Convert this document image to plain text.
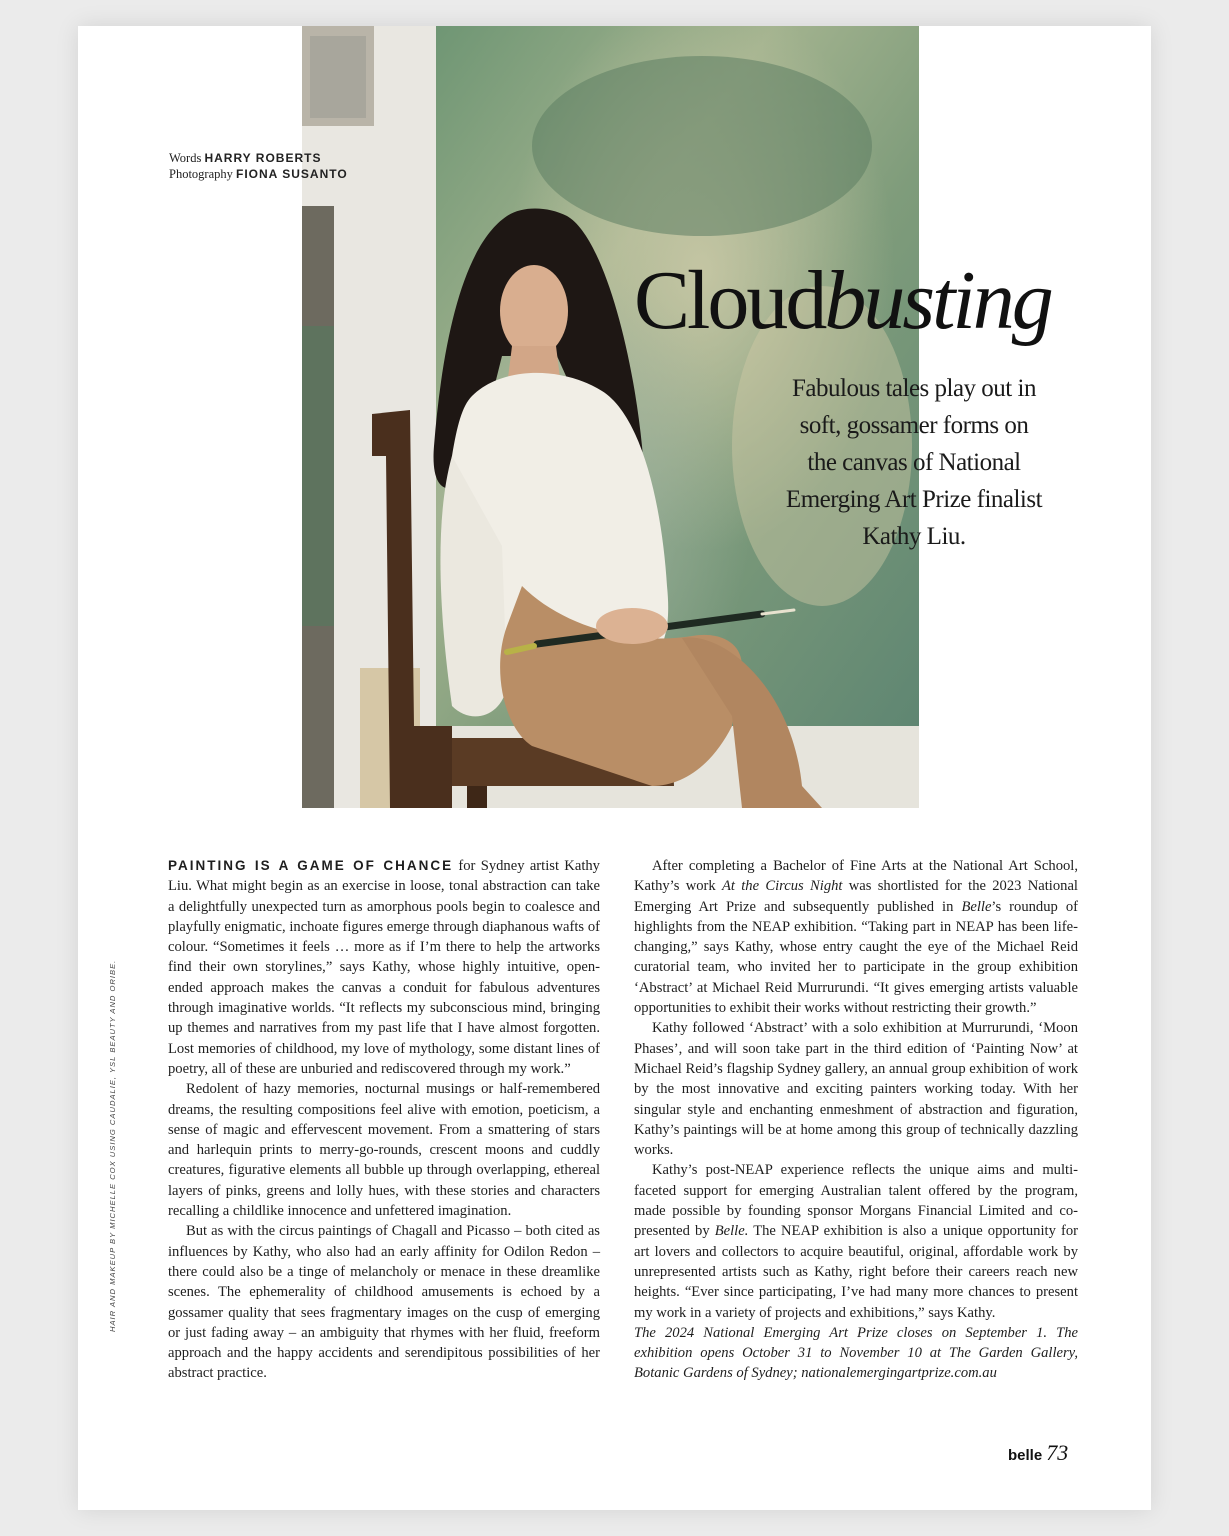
Words HARRY ROBERTS
Photography FIONA SUSANTO
Cloudbusting
Fabulous tales play out in soft, gossamer forms on the canvas of National Emerging Art Prize finalist Kathy Liu.

PAINTING IS A GAME OF CHANCE for Sydney artist Kathy Liu. What might begin as an exercise in loose, tonal abstraction can take a delightfully unexpected turn as amorphous pools begin to coalesce and playfully enigmatic, inchoate figures emerge through diaphanous wafts of colour. “Sometimes it feels … more as if I’m there to help the artworks find their own storylines,” says Kathy, whose highly intuitive, open-ended approach makes the canvas a conduit for fabulous adventures through imaginative worlds. “It reflects my subconscious mind, bringing up themes and narratives from my past life that I have almost forgotten. Lost memories of childhood, my love of mythology, some distant lines of poetry, all of these are unburied and rediscovered through my work.”

Redolent of hazy memories, nocturnal musings or half-remembered dreams, the resulting compositions feel alive with emotion, poeticism, a sense of magic and effervescent movement. From a smattering of stars and harlequin prints to merry-go-rounds, crescent moons and cuddly creatures, figurative elements all bubble up through overlapping, ethereal layers of pinks, greens and lolly hues, with these stories and characters recalling a childlike innocence and unfettered imagination.

But as with the circus paintings of Chagall and Picasso – both cited as influences by Kathy, who also had an early affinity for Odilon Redon – there could also be a tinge of melancholy or menace in these dreamlike scenes. The ephemerality of childhood amusements is echoed by a gossamer quality that sees fragmentary images on the cusp of emerging or just fading away – an ambiguity that rhymes with her fluid, freeform approach and the happy accidents and serendipitous possibilities of her abstract practice.

After completing a Bachelor of Fine Arts at the National Art School, Kathy’s work At the Circus Night was shortlisted for the 2023 National Emerging Art Prize and subsequently published in Belle’s roundup of highlights from the NEAP exhibition. “Taking part in NEAP has been life-changing,” says Kathy, whose entry caught the eye of the Michael Reid curatorial team, who invited her to participate in the group exhibition ‘Abstract’ at Michael Reid Murrurundi. “It gives emerging artists valuable opportunities to exhibit their works without restricting their growth.”

Kathy followed ‘Abstract’ with a solo exhibition at Murrurundi, ‘Moon Phases’, and will soon take part in the third edition of ‘Painting Now’ at Michael Reid’s flagship Sydney gallery, an annual group exhibition of work by the most innovative and exciting painters working today. With her singular style and enchanting enmeshment of abstraction and figuration, Kathy’s paintings will be at home among this group of technically dazzling works.

Kathy’s post-NEAP experience reflects the unique aims and multi-faceted support for emerging Australian talent offered by the program, made possible by founding sponsor Morgans Financial Limited and co-presented by Belle. The NEAP exhibition is also a unique opportunity for art lovers and collectors to acquire beautiful, original, affordable work by unrepresented artists such as Kathy, right before their careers reach new heights. “Ever since participating, I’ve had many more chances to present my work in a variety of projects and exhibitions,” says Kathy.

The 2024 National Emerging Art Prize closes on September 1. The exhibition opens October 31 to November 10 at The Garden Gallery, Botanic Gardens of Sydney; nationalemergingartprize.com.au

HAIR AND MAKEUP BY MICHELLE COX USING CAUDALIE, YSL BEAUTY AND ORIBE.
belle 73
